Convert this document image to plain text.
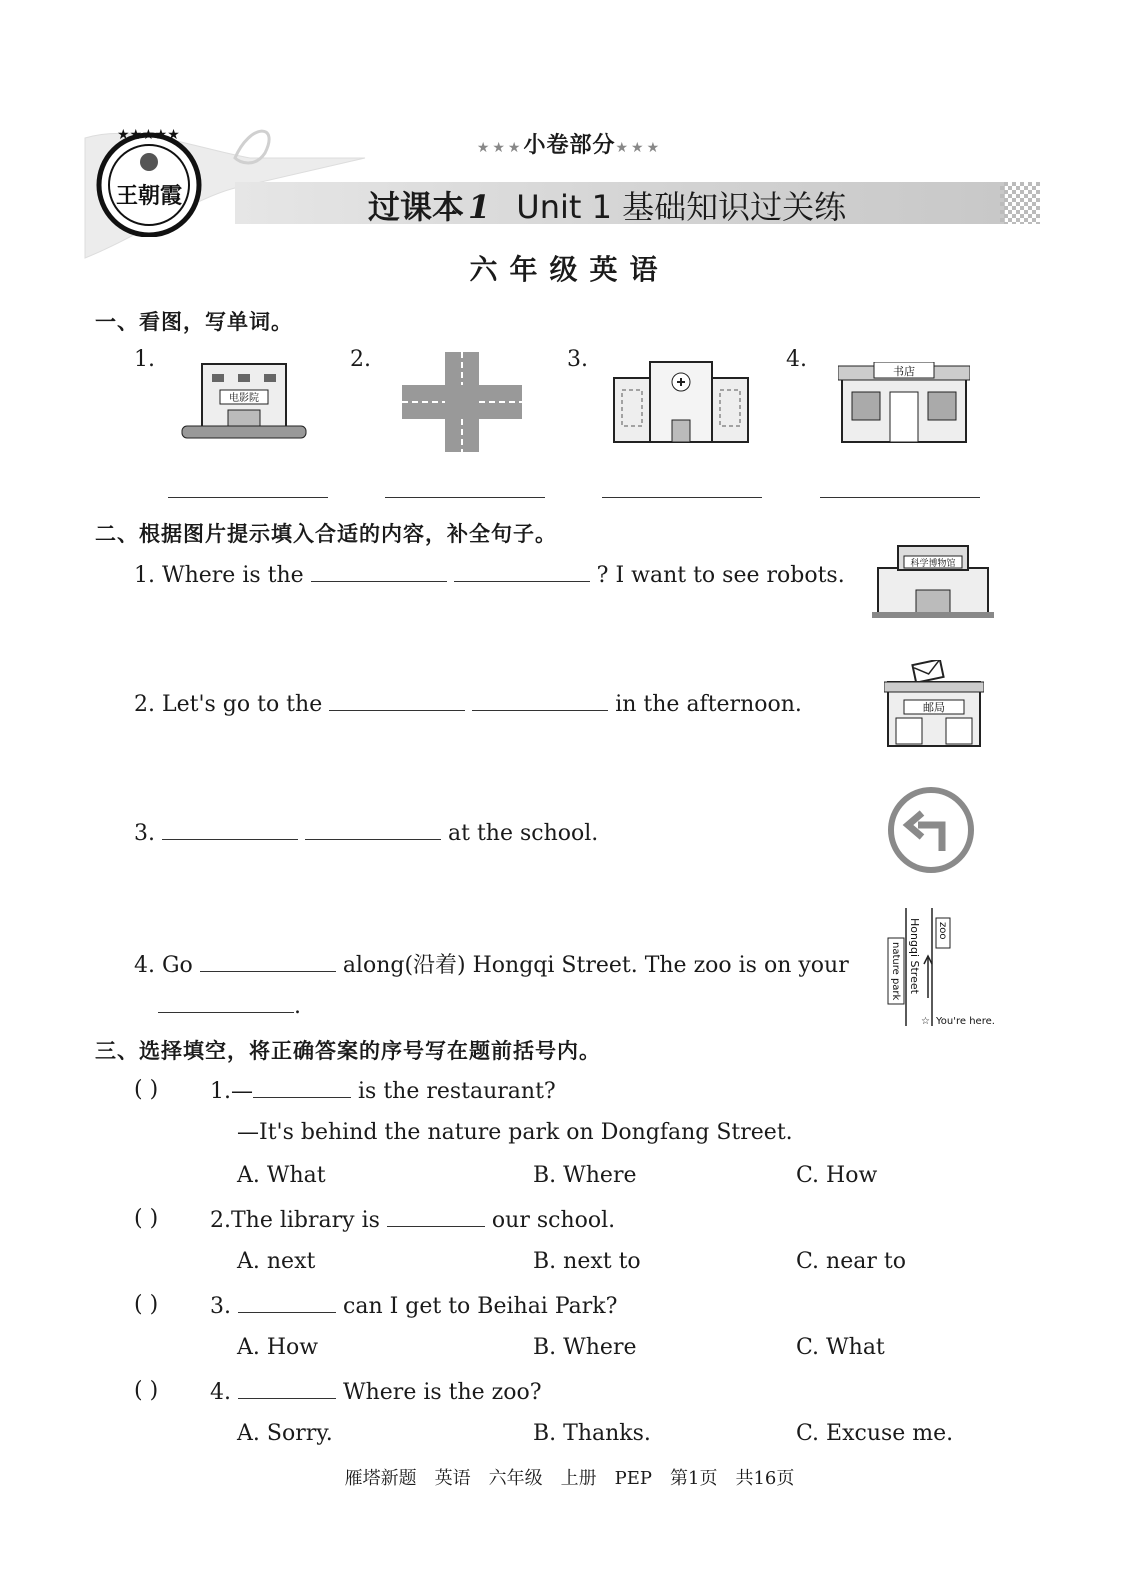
★★★★★
王朝霞
★★★小卷部分★★★
过课本 1 Unit 1 基础知识过关练
六年级英语
一、看图，写单词。
1.	2.	3.	4.
电影院
书店
二、根据图片提示填入合适的内容，补全句子。
1. Where is the	? I want to see robots.	科学博物馆
2. Let's go to the	in the afternoon.	邮局
3.	at the school.
4. Go	along(沿着) Hongqi Street. The zoo is on your
.
Hongqi Street
nature park
zoo
☆ You're here.
三、选择填空，将正确答案的序号写在题前括号内。
( ) 1.—	is the restaurant?
—It's behind the nature park on Dongfang Street.
A. What	B. Where	C. How
( ) 2.The library is	our school.
A. next	B. next to	C. near to
( ) 3.	can I get to Beihai Park?
A. How	B. Where	C. What
( ) 4.	Where is the zoo?
A. Sorry.	B. Thanks.	C. Excuse me.
雁塔新题 英语 六年级 上册 PEP 第1页 共16页
